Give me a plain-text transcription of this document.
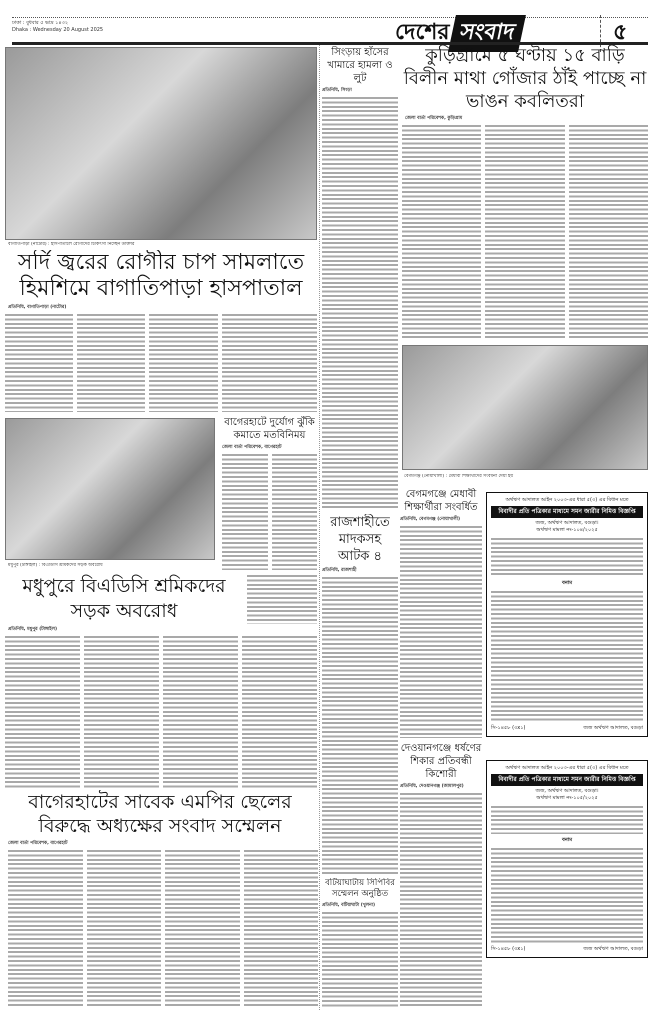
ঢাকা : বুধবার ৫ ভাদ্র ১৪৩২
Dhaka : Wednesday 20 August 2025	দেশের সংবাদ	৫
বাগাতিপাড়া (নাটোর) : হাসপাতালে রোগীদের চিকিৎসা নিচ্ছেন ডাক্তার
সর্দি জ্বরের রোগীর চাপ সামলাতে হিমশিমে বাগাতিপাড়া হাসপাতাল
প্রতিনিধি, বাগাতিপাড়া (নাটোর)
বাগেরহাটে দুর্যোগ ঝুঁকি কমাতে মতবিনিময়
জেলা বার্তা পরিবেশক, বাগেরহাট
মধুপুর (টাঙ্গাইল) : বিএডিসি শ্রমিকদের সড়ক অবরোধ
মধুপুরে বিএডিসি শ্রমিকদের সড়ক অবরোধ
প্রতিনিধি, মধুপুর (টাঙ্গাইল)
বাগেরহাটের সাবেক এমপির ছেলের বিরুদ্ধে অধ্যক্ষের সংবাদ সম্মেলন
জেলা বার্তা পরিবেশক, বাগেরহাট
সিংড়ায় হাঁসের খামারে হামলা ও লুট
প্রতিনিধি, সিংড়া
কুড়িগ্রামে ৫ ঘণ্টায় ১৫ বাড়ি বিলীন মাথা গোঁজার ঠাঁই পাচ্ছে না ভাঙন কবলিতরা
জেলা বার্তা পরিবেশক, কুড়িগ্রাম
বেগমগঞ্জ (নোয়াখালী) : মেধাবী শিক্ষার্থীদের সংবর্ধনা দেয়া হয়
বেগমগঞ্জে মেধাবী শিক্ষার্থীরা সংবর্ধিত
প্রতিনিধি, বেগমগঞ্জ (নোয়াখালী)
রাজশাহীতে মাদকসহ আটক ৪
প্রতিনিধি, রাজশাহী
দেওয়ানগঞ্জে ধর্ষণের শিকার প্রতিবন্ধী কিশোরী
প্রতিনিধি, দেওয়ানগঞ্জ (জামালপুর)
বটিয়াঘাটায় সিপিবির সম্মেলন অনুষ্ঠিত
প্রতিনিধি, বটিয়াঘাটা (খুলনা)
অর্থঋণ আদালত আইন ২০০৩-এর ধারা ৫(৩) এর বিধান মতে
বিবাদীর প্রতি পত্রিকার মাধ্যমে সমন জারীর নিমিত্ত বিজ্ঞপ্তি
জজ, অর্থঋণ আদালত, বগুড়া।
অর্থঋণ মামলা নং-১০৪/২০২৫
বনাম
সি-১৪৫৮ (৩x১)	জজ অর্থঋণ আদালত, বগুড়া
অর্থঋণ আদালত আইন ২০০৩-এর ধারা ৫(৩) এর বিধান মতে
বিবাদীর প্রতি পত্রিকার মাধ্যমে সমন জারীর নিমিত্ত বিজ্ঞপ্তি
জজ, অর্থঋণ আদালত, বগুড়া।
অর্থঋণ মামলা নং-১০৫/২০২৫
বনাম
সি-১৪৫৮ (৩x১)	জজ অর্থঋণ আদালত, বগুড়া
